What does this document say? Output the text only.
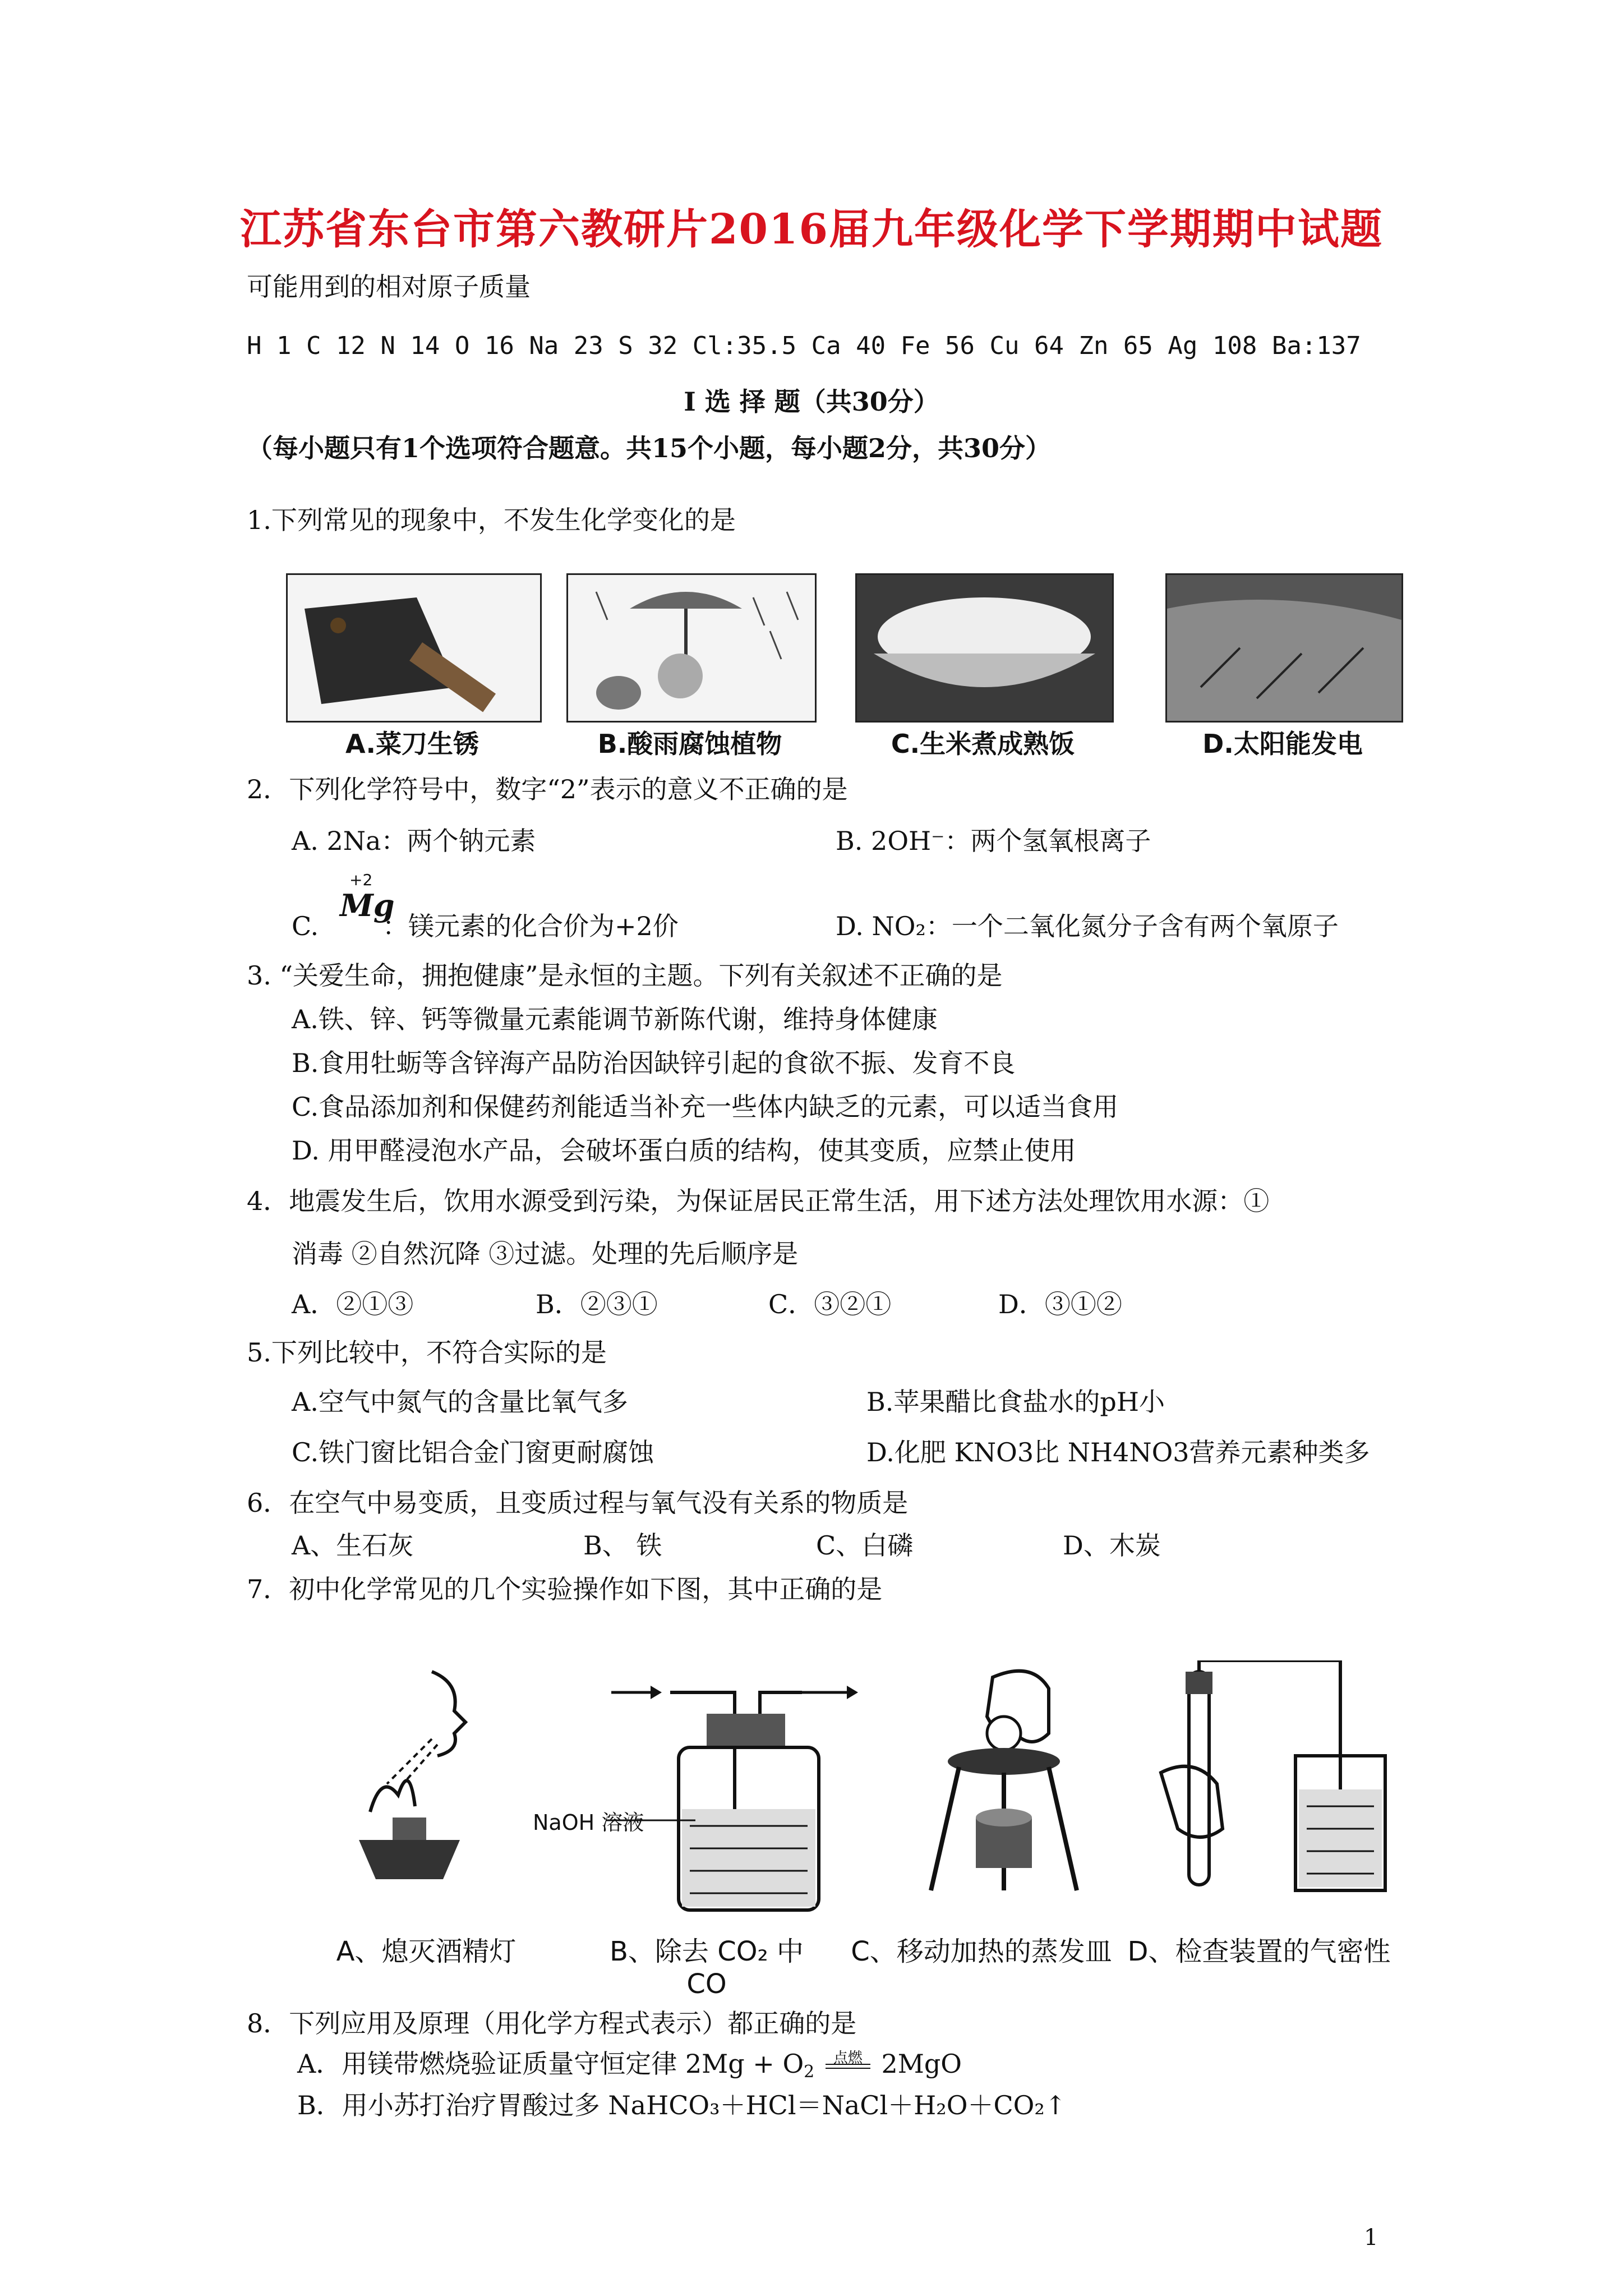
江苏省东台市第六教研片2016届九年级化学下学期期中试题
可能用到的相对原子质量
H 1 C 12 N 14 O 16 Na 23 S 32 Cl:35.5 Ca 40 Fe 56 Cu 64 Zn 65 Ag 108 Ba:137
Ⅰ 选 择 题（共30分）
（每小题只有1个选项符合题意。共15个小题，每小题2分，共30分）
1.下列常见的现象中，不发生化学变化的是
A.菜刀生锈	B.酸雨腐蚀植物	C.生米煮成熟饭	D.太阳能发电
2．下列化学符号中，数字“2”表示的意义不正确的是
A. 2Na：两个钠元素	B. 2OH⁻：两个氢氧根离子
C.
+2
Mg
：镁元素的化合价为+2价	D. NO₂：一个二氧化氮分子含有两个氧原子
3. “关爱生命，拥抱健康”是永恒的主题。下列有关叙述不正确的是
A.铁、锌、钙等微量元素能调节新陈代谢，维持身体健康
B.食用牡蛎等含锌海产品防治因缺锌引起的食欲不振、发育不良
C.食品添加剂和保健药剂能适当补充一些体内缺乏的元素，可以适当食用
D. 用甲醛浸泡水产品，会破坏蛋白质的结构，使其变质，应禁止使用
4．地震发生后，饮用水源受到污染，为保证居民正常生活，用下述方法处理饮用水源：①
消毒 ②自然沉降 ③过滤。处理的先后顺序是
A．②①③	B．②③①	C．③②①	D．③①②
5.下列比较中，不符合实际的是
A.空气中氮气的含量比氧气多	B.苹果醋比食盐水的pH小
C.铁门窗比铝合金门窗更耐腐蚀	D.化肥 KNO3比 NH4NO3营养元素种类多
6．在空气中易变质，且变质过程与氧气没有关系的物质是
A、生石灰	B、 铁	C、白磷	D、木炭
7．初中化学常见的几个实验操作如下图，其中正确的是
NaOH 溶液
A、熄灭酒精灯	B、除去 CO₂ 中 CO
C、移动加热的蒸发皿 D、检查装置的气密性
8．下列应用及原理（用化学方程式表示）都正确的是
A．用镁带燃烧验证质量守恒定律 $2Mg + O_2$
点燃 2MgO
B．用小苏打治疗胃酸过多 NaHCO₃＋HCl＝NaCl＋H₂O＋CO₂↑
1
